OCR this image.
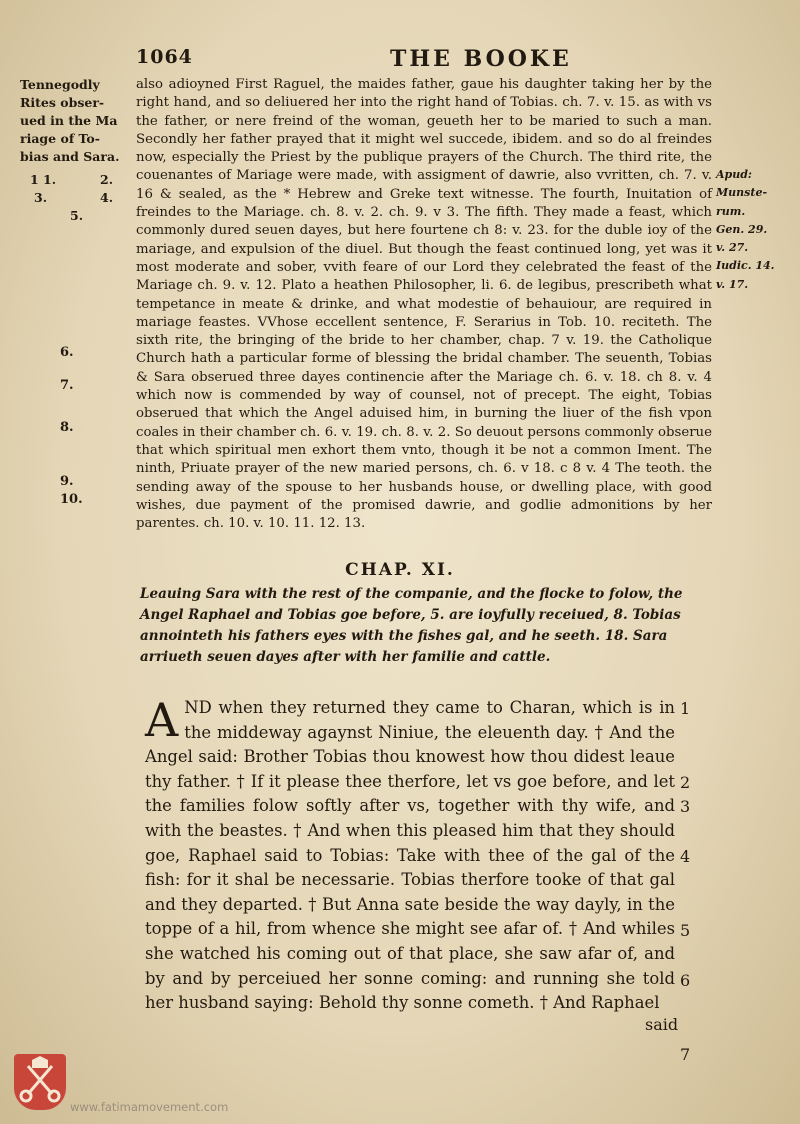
1064	THE BOOKE
Tennegodly
Rites obser-
ued in the Ma
riage of To-
bias and Sara.
1 1.	2.
3.	4.
5.

also adioyned First Raguel, the maides father, gaue his daughter taking her by the right hand, and so deliuered her into the right hand of Tobias. ch. 7. v. 15. as with vs the father, or nere freind of the woman, geueth her to be maried to such a man. Secondly her father prayed that it might wel succede, ibidem. and so do al freindes now, especially the Priest by the publique prayers of the Church. The third rite, the couenantes of Mariage were made, with assigment of dawrie, also vvritten, ch. 7. v. 16 & sealed, as the * Hebrew and Greke text witnesse. The fourth, Inuitation of freindes to the Mariage. ch. 8. v. 2. ch. 9. v 3. The fifth. They made a feast, which commonly dured seuen dayes, but here fourtene ch 8: v. 23. for the duble ioy of the mariage, and expulsion of the diuel. But though the feast continued long, yet was it most moderate and sober, vvith feare of our Lord they celebrated the feast of the Mariage ch. 9. v. 12. Plato a heathen Philosopher, li. 6. de legibus, prescribeth what tempetance in meate & drinke, and what modestie of behauiour, are required in mariage feastes. VVhose eccellent sentence, F. Serarius in Tob. 10. reciteth. The sixth rite, the bringing of the bride to her chamber, chap. 7 v. 19. the Catholique Church hath a particular forme of blessing the bridal chamber. The seuenth, Tobias & Sara obserued three dayes continencie after the Mariage ch. 6. v. 18. ch 8. v. 4 which now is commended by way of counsel, not of precept. The eight, Tobias obserued that which the Angel aduised him, in burning the liuer of the fish vpon coales in their chamber ch. 6. v. 19. ch. 8. v. 2. So deuout persons commonly obserue that which spiritual men exhort them vnto, though it be not a common Iment. The ninth, Priuate prayer of the new maried persons, ch. 6. v 18. c 8 v. 4 The teoth. the sending away of the spouse to her husbands house, or dwelling place, with good wishes, due payment of the promised dawrie, and godlie admonitions by her parentes. ch. 10. v. 10. 11. 12. 13.

6.
7.
8.
9.
10.
Apud:
Munste-
rum.
Gen. 29.
v. 27.
Iudic. 14.
v. 17.
CHAP. XI.

Leauing Sara with the rest of the companie, and the flocke to folow, the Angel Raphael and Tobias goe before, 5. are ioyfully receiued, 8. Tobias annointeth his fathers eyes with the fishes gal, and he seeth. 18. Sara arriueth seuen dayes after with her familie and cattle.

A ND when they returned they came to Charan, which is in the middeway agaynst Niniue, the eleuenth day. † And the Angel said: Brother Tobias thou knowest how thou didest leaue thy father. † If it please thee therfore, let vs goe before, and let the families folow softly after vs, together with thy wife, and with the beastes. † And when this pleased him that they should goe, Raphael said to Tobias: Take with thee of the gal of the fish: for it shal be necessarie. Tobias therfore tooke of that gal and they departed. † But Anna sate beside the way dayly, in the toppe of a hil, from whence she might see afar of. † And whiles she watched his coming out of that place, she saw afar of, and by and by perceiued her sonne coming: and running she told her husband saying: Behold thy sonne cometh. † And Raphael
1
2
3
4
5
6
7
said
www.fatimamovement.com
